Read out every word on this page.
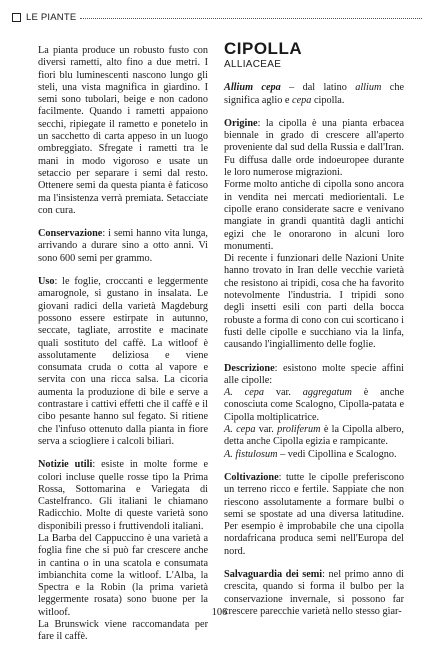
LE PIANTE

La pianta produce un robusto fusto con diversi rametti, alto fino a due metri. I fiori blu luminescenti nascono lungo gli steli, una vista magnifica in giardino. I semi sono tubolari, beige e non cadono facilmente. Quando i rametti appaiono secchi, ripiegate il rametto e ponetelo in un sacchetto di carta appeso in un luogo ombreggiato. Sfregate i rametti tra le mani in modo vigoroso e usate un setaccio per separare i semi dal resto. Ottenere semi da questa pianta è faticoso ma l'insistenza verrà premiata. Setacciate con cura.

Conservazione: i semi hanno vita lunga, arrivando a durare sino a otto anni. Vi sono 600 semi per grammo.

Uso: le foglie, croccanti e leggermente amarognole, si gustano in insalata. Le giovani radici della varietà Magdeburg possono essere estirpate in autunno, seccate, tagliate, arrostite e macinate quali sostituto del caffè. La witloof è assolutamente deliziosa e viene consumata cruda o cotta al vapore e servita con una ricca salsa. La cicoria aumenta la produzione di bile e serve a contrastare i cattivi effetti che il caffè e il cibo pesante hanno sul fegato. Si ritiene che l'infuso ottenuto dalla pianta in fiore serva a sciogliere i calcoli biliari.

Notizie utili: esiste in molte forme e colori incluse quelle rosse tipo la Prima Rossa, Sottomarina e Variegata di Castelfranco. Gli italiani le chiamano Radicchio. Molte di queste varietà sono disponibili presso i fruttivendoli italiani.

La Barba del Cappuccino è una varietà a foglia fine che si può far crescere anche in cantina o in una scatola e consumata imbianchita come la witloof. L'Alba, la Spectra e la Robin (la prima varietà leggermente rosata) sono buone per la witloof.

La Brunswick viene raccomandata per fare il caffè.

CIPOLLA
ALLIACEAE

Allium cepa – dal latino allium che significa aglio e cepa cipolla.

Origine: la cipolla è una pianta erbacea biennale in grado di crescere all'aperto proveniente dal sud della Russia e dall'Iran. Fu diffusa dalle orde indoeuropee durante le loro numerose migrazioni.

Forme molto antiche di cipolla sono ancora in vendita nei mercati mediorientali. Le cipolle erano considerate sacre e venivano mangiate in grandi quantità dagli antichi egizi che le onorarono in alcuni loro monumenti.

Di recente i funzionari delle Nazioni Unite hanno trovato in Iran delle vecchie varietà che resistono ai tripidi, cosa che ha favorito notevolmente l'industria. I tripidi sono degli insetti esili con parti della bocca robuste a forma di cono con cui scorticano i fusti delle cipolle e succhiano via la linfa, causando l'ingiallimento delle foglie.

Descrizione: esistono molte specie affini alle cipolle:

A. cepa var. aggregatum è anche conosciuta come Scalogno, Cipolla-patata e Cipolla moltiplicatrice.

A. cepa var. proliferum è la Cipolla albero, detta anche Cipolla egizia e rampicante.

A. fistulosum – vedi Cipollina e Scalogno.

Coltivazione: tutte le cipolle preferiscono un terreno ricco e fertile. Sappiate che non riescono assolutamente a formare bulbi o semi se spostate ad una diversa latitudine. Per esempio è improbabile che una cipolla nordafricana produca semi nell'Europa del nord.

Salvaguardia dei semi: nel primo anno di crescita, quando si forma il bulbo per la conservazione invernale, si possono far crescere parecchie varietà nello stesso giar-

106
